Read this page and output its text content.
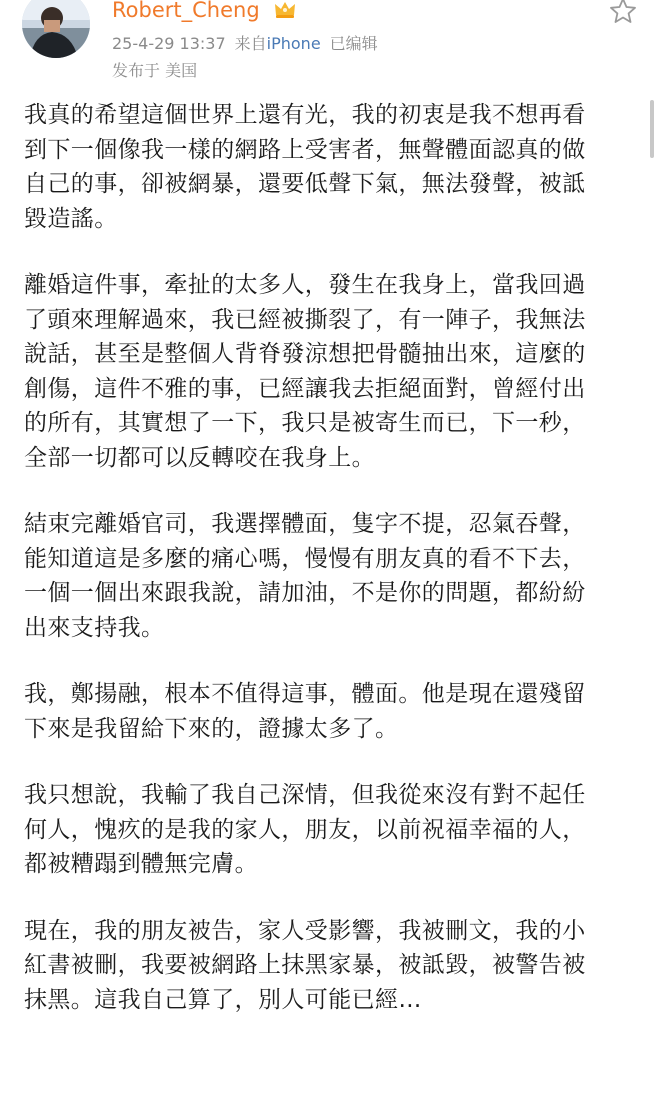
Robert_Cheng
25-4-29 13:37 来自iPhone 已编辑
发布于 美国

我真的希望這個世界上還有光，我的初衷是我不想再看
到下一個像我一樣的網路上受害者，無聲體面認真的做
自己的事，卻被網暴，還要低聲下氣，無法發聲，被詆
毀造謠。

離婚這件事，牽扯的太多人，發生在我身上，當我回過
了頭來理解過來，我已經被撕裂了，有一陣子，我無法
說話，甚至是整個人背脊發涼想把骨髓抽出來，這麼的
創傷，這件不雅的事，已經讓我去拒絕面對，曾經付出
的所有，其實想了一下，我只是被寄生而已，下一秒，
全部一切都可以反轉咬在我身上。

結束完離婚官司，我選擇體面，隻字不提，忍氣吞聲，
能知道這是多麼的痛心嗎，慢慢有朋友真的看不下去，
一個一個出來跟我說，請加油，不是你的問題，都紛紛
出來支持我。

我，鄭揚融，根本不值得這事，體面。他是現在還殘留
下來是我留給下來的，證據太多了。

我只想說，我輸了我自己深情，但我從來沒有對不起任
何人，愧疚的是我的家人，朋友，以前祝福幸福的人，
都被糟蹋到體無完膚。

現在，我的朋友被告，家人受影響，我被刪文，我的小
紅書被刪，我要被網路上抹黑家暴，被詆毀，被警告被
抹黑。這我自己算了，別人可能已經…
